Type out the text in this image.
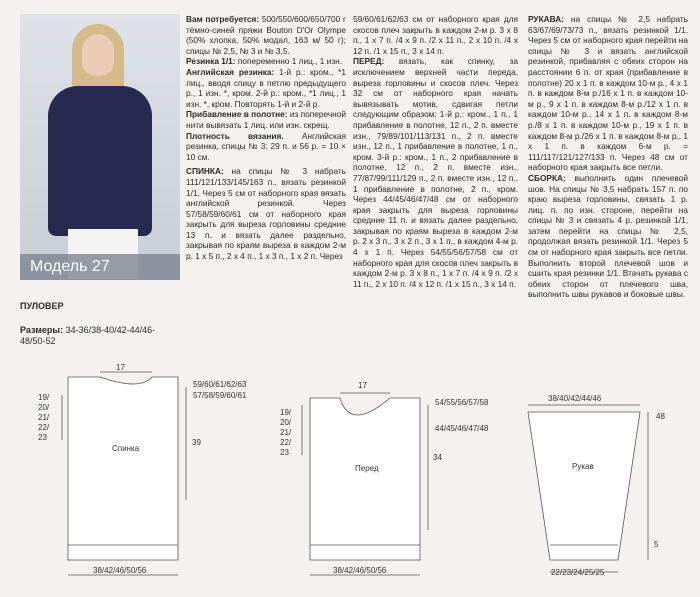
Модель 27

Вам потребуется: 500/550/600/650/700 г тёмно-синей пряжи Bouton D'Or Olympe (50% хлопка, 50% модал, 163 м/ 50 г); спицы № 2,5, № 3 и № 3,5.

Резинка 1/1: попеременно 1 лиц., 1 изн.

Английская резинка: 1-й р.: кром., *1 лиц., вводя спицу в петлю предыдущего р., 1 изн. *, кром. 2-й р.: кром., *1 лиц., 1 изн. *, кром. Повторять 1-й и 2-й р.

Прибавление в полотне: из поперечной нити вывязать 1 лиц. или изн. скрещ.

Плотность вязания. Английская резинка, спицы № 3: 29 п. и 56 р. = 10 × 10 см.

СПИНКА: на спицы № 3 набрать 111/121/133/145/163 п., вязать резинкой 1/1. Через 5 см от наборного края вязать английской резинкой. Через 57/58/59/60/61 см от наборного края закрыть для выреза горловины средние 13 п. и вязать далее раздельно, закрывая по краям выреза в каждом 2-м р. 1 х 5 п., 2 х 4 п., 1 х 3 п., 1 х 2 п. Через

59/60/61/62/63 см от наборного края для скосов плеч закрыть в каждом 2-м р. 3 х 8 п., 1 х 7 п. /4 х 9 п. /2 х 11 п., 2 х 10 п. /4 х 12 п. /1 х 15 п., 3 х 14 п.

ПЕРЕД: вязать, как спинку, за исключением верхней части переда, выреза горловины и скосов плеч. Через 32 см от наборного края начать вывязывать мотив, сдвигая петли следующим образом: 1-й р.: кром., 1 п., 1 прибавление в полотне, 12 п., 2 п. вместе изн., 79/89/101/113/131 п., 2 п. вместе изн., 12 п., 1 прибавление в полотне, 1 п., кром. 3-й р.: кром., 1 п., 2 прибавление в полотне, 12 п., 2 п. вместе изн., 77/87/99/111/129 п., 2 п. вместе изн., 12 п., 1 прибавление в полотне, 2 п., кром. Через 44/45/46/47/48 см от наборного края закрыть для выреза горловины средние 11 п. и вязать далее раздельно, закрывая по краям выреза в каждом 2-м р. 2 х 3 п., 3 х 2 п., 3 х 1 п., в каждом 4-м р. 4 х 1 п. Через 54/55/56/57/58 см от наборного края для скосов плеч закрыть в каждом 2-м р. 3 х 8 п., 1 х 7 п. /4 х 9 п. /2 х 11 п., 2 х 10 п. /4 х 12 п. /1 х 15 п., 3 х 14 п.

РУКАВА: на спицы № 2,5 набрать 63/67/69/73/73 п., вязать резинкой 1/1. Через 5 см от наборного края перейти на спицы № 3 и вязать английской резинкой, прибавляя с обеих сторон на расстоянии 6 п. от края (прибавление в полотне) 20 х 1 п. в каждом 10-м р., 4 х 1 п. в каждом 8-м р./16 х 1 п. в каждом 10-м р., 9 х 1 п. в каждом 8-м р./12 х 1 п. в каждом 10-м р., 14 х 1 п. в каждом 8-м р./8 х 1 п. в каждом 10-м р., 19 х 1 п. в каждом 8-м р./26 х 1 п. в каждом 8-м р., 1 х 1 п. в каждом 6-м р. = 111/117/121/127/133 п. Через 48 см от наборного края закрыть все петли.

СБОРКА: выполнить один плечевой шов. На спицы № 3,5 набрать 157 п. по краю выреза горловины, связать 1 р. лиц. п. по изн. стороне, перейти на спицы № 3 и связать 4 р. резинкой 1/1, затем перейти на спицы № 2,5, продолжая вязать резинкой 1/1. Через 5 см от наборного края закрыть все петли. Выполнить второй плечевой шов и сшить края резинки 1/1. Втачать рукава с обеих сторон от плечевого шва, выполнить швы рукавов и боковые швы.

ПУЛОВЕР
Размеры: 34-36/38-40/42-44/46-48/50-52
17
19/
20/
21/
22/
23
59/60/61/62/63
57/58/59/60/61
39
Спинка
38/42/46/50/56
17
19/
20/
21/
22/
23
54/55/56/57/58
44/45/46/47/48
34
Перед
38/42/46/50/56
38/40/42/44/46
48
Рукав
5
22/23/24/25/25
